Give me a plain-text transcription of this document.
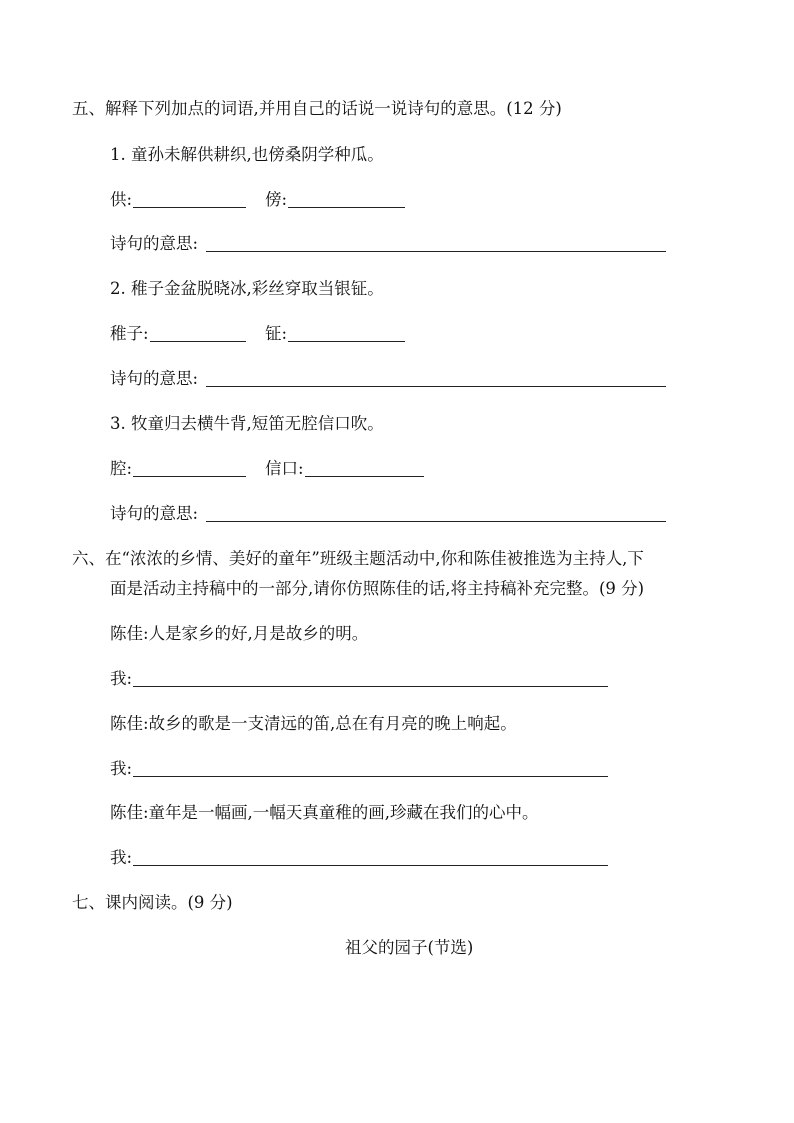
五、解释下列加点的词语,并用自己的话说一说诗句的意思。(12 分)
1. 童孙未解供耕织,也傍桑阴学种瓜。
供:	傍:
诗句的意思:
2. 稚子金盆脱晓冰,彩丝穿取当银钲。
稚子:	钲:
诗句的意思:
3. 牧童归去横牛背,短笛无腔信口吹。
腔:	信口:
诗句的意思:
六、在“浓浓的乡情、美好的童年”班级主题活动中,你和陈佳被推选为主持人,下
面是活动主持稿中的一部分,请你仿照陈佳的话,将主持稿补充完整。(9 分)
陈佳:人是家乡的好,月是故乡的明。
我:
陈佳:故乡的歌是一支清远的笛,总在有月亮的晚上响起。
我:
陈佳:童年是一幅画,一幅天真童稚的画,珍藏在我们的心中。
我:
七、课内阅读。(9 分)
祖父的园子(节选)
